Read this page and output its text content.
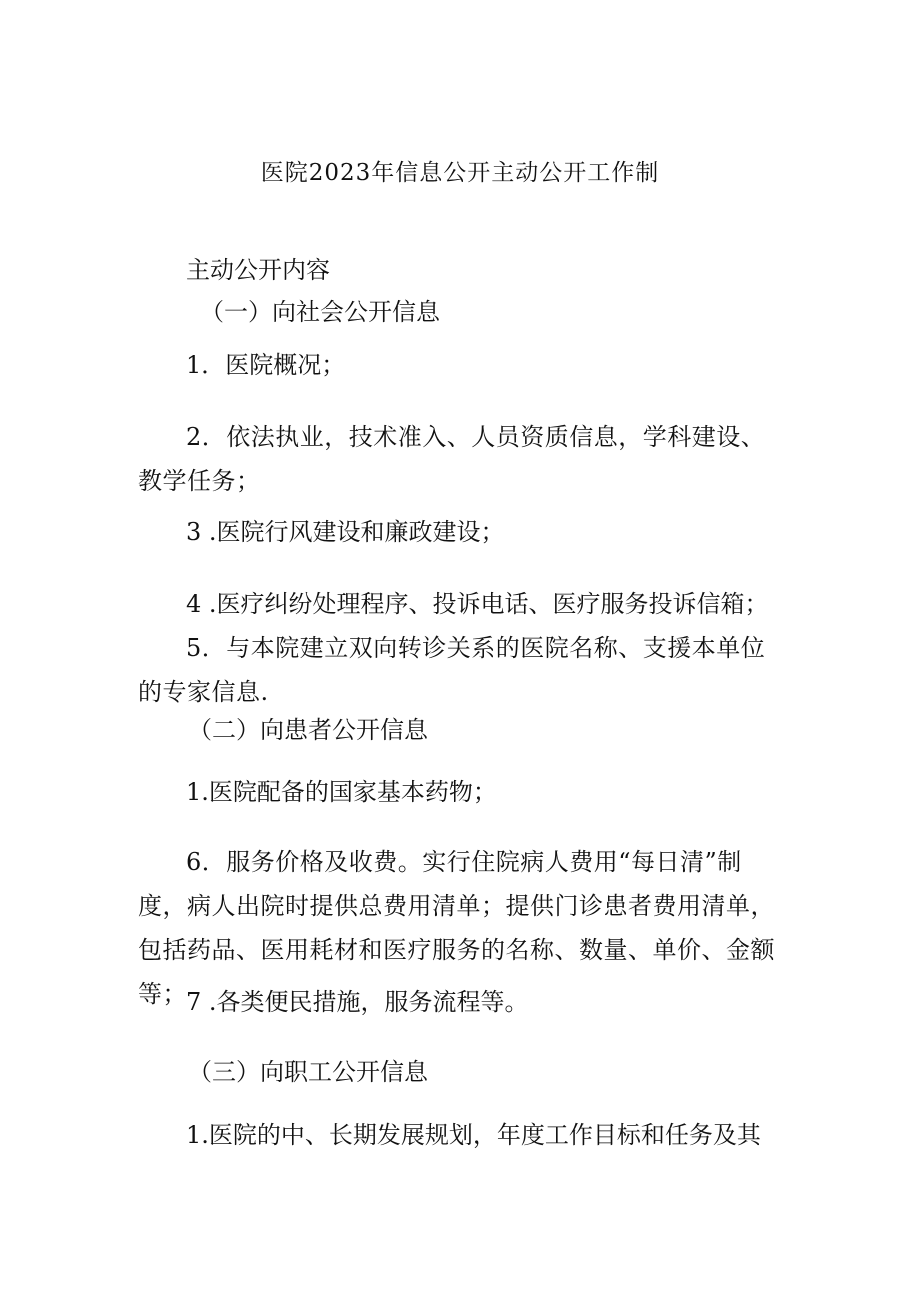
医院2023年信息公开主动公开工作制
主动公开内容
（一）向社会公开信息
1．医院概况；
2．依法执业，技术准入、人员资质信息，学科建设、教学任务；
3 .医院行风建设和廉政建设；
4 .医疗纠纷处理程序、投诉电话、医疗服务投诉信箱；
5．与本院建立双向转诊关系的医院名称、支援本单位的专家信息.
（二）向患者公开信息
1.医院配备的国家基本药物；
6．服务价格及收费。实行住院病人费用“每日清”制度，病人出院时提供总费用清单；提供门诊患者费用清单，包括药品、医用耗材和医疗服务的名称、数量、单价、金额等； 7 .各类便民措施，服务流程等。
（三）向职工公开信息
1.医院的中、长期发展规划，年度工作目标和任务及其
